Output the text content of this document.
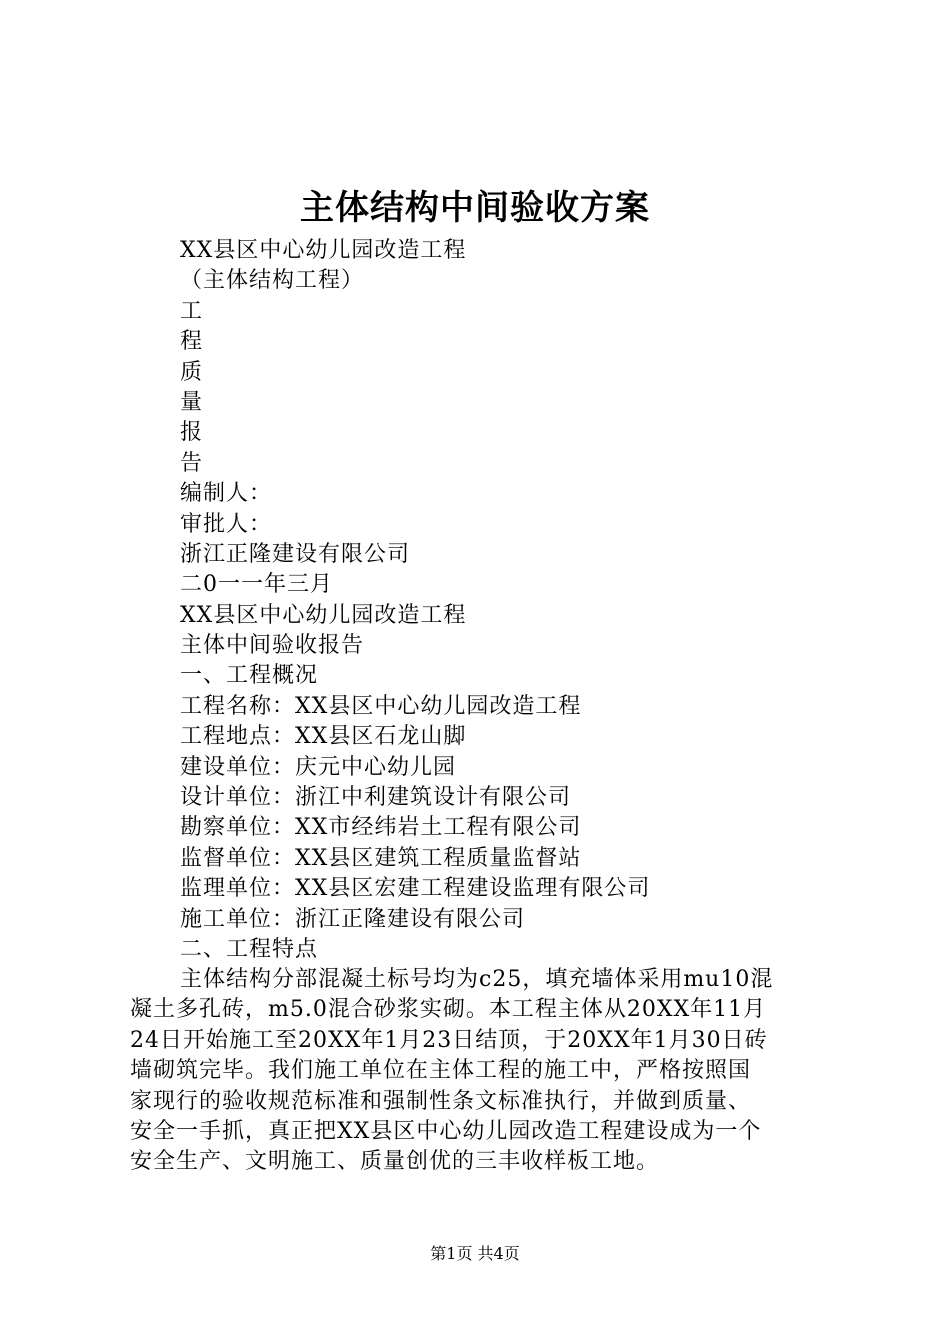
主体结构中间验收方案
XX县区中心幼儿园改造工程
（主体结构工程）
工
程
质
量
报
告
编制人：
审批人：
浙江正隆建设有限公司
二0一一年三月
XX县区中心幼儿园改造工程
主体中间验收报告
一、工程概况
工程名称：XX县区中心幼儿园改造工程
工程地点：XX县区石龙山脚
建设单位：庆元中心幼儿园
设计单位：浙江中利建筑设计有限公司
勘察单位：XX市经纬岩土工程有限公司
监督单位：XX县区建筑工程质量监督站
监理单位：XX县区宏建工程建设监理有限公司
施工单位：浙江正隆建设有限公司
二、工程特点
主体结构分部混凝土标号均为c25，填充墙体采用mu10混
凝土多孔砖，m5.0混合砂浆实砌。本工程主体从20XX年11月
24日开始施工至20XX年1月23日结顶，于20XX年1月30日砖
墙砌筑完毕。我们施工单位在主体工程的施工中，严格按照国
家现行的验收规范标准和强制性条文标准执行，并做到质量、
安全一手抓，真正把XX县区中心幼儿园改造工程建设成为一个
安全生产、文明施工、质量创优的三丰收样板工地。
第1页 共4页
